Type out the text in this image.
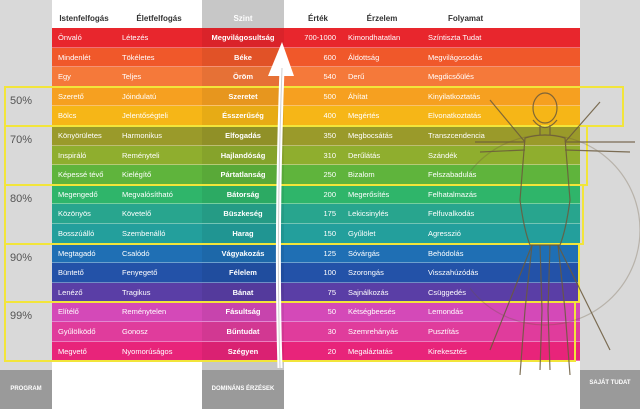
Istenfelfogás	Életfelfogás	Szint	Érték	Érzelem	Folyamat
Önvaló	Létezés	Megvilágosultság	700-1000	Kimondhatatlan	Színtiszta Tudat
Mindenlét	Tökéletes	Béke	600	Áldottság	Megvilágosodás
Egy	Teljes	Öröm	540	Derű	Megdicsőülés
Szerető	Jóindulatú	Szeretet	500	Áhítat	Kinyilatkoztatás
Bölcs	Jelentőségteli	Ésszerűség	400	Megértés	Elvonatkoztatás
Könyörületes	Harmonikus	Elfogadás	350	Megbocsátás	Transzcendencia
Inspiráló	Reményteli	Hajlandóság	310	Derűlátás	Szándék
Képessé tévő	Kielégítő	Pártatlanság	250	Bizalom	Felszabadulás
Megengedő	Megvalósítható	Bátorság	200	Megerősítés	Felhatalmazás
Közönyös	Követelő	Büszkeség	175	Lekicsinylés	Felfuvalkodás
Bosszúálló	Szembenálló	Harag	150	Gyűlölet	Agresszió
Megtagadó	Csalódó	Vágyakozás	125	Sóvárgás	Behódolás
Büntető	Fenyegető	Félelem	100	Szorongás	Visszahúzódás
Lenéző	Tragikus	Bánat	75	Sajnálkozás	Csüggedés
Elítélő	Reménytelen	Fásultság	50	Kétségbeesés	Lemondás
Gyűlölködő	Gonosz	Bűntudat	30	Szemrehányás	Pusztítás
Megvető	Nyomorúságos	Szégyen	20	Megaláztatás	Kirekesztés
50%
70%
80%
90%
99%
PROGRAM	DOMINÁNS ÉRZÉSEK
SAJÁT TUDAT
